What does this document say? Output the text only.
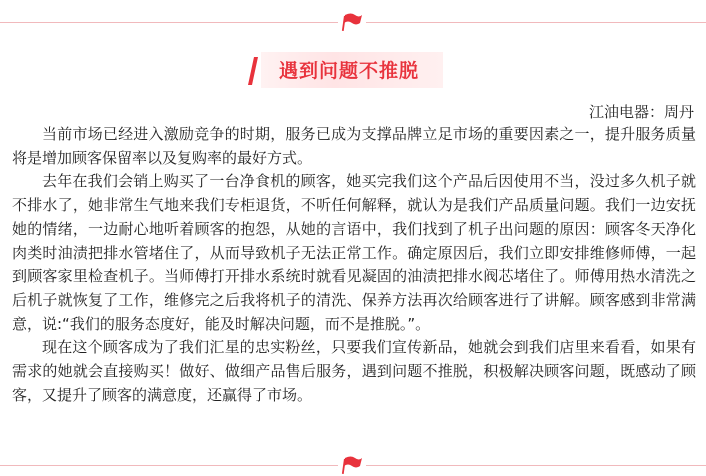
遇到问题不推脱
江油电器：周丹

当前市场已经进入激励竞争的时期，服务已成为支撑品牌立足市场的重要因素之一，提升服务质量将是增加顾客保留率以及复购率的最好方式。

去年在我们会销上购买了一台净食机的顾客，她买完我们这个产品后因使用不当，没过多久机子就不排水了，她非常生气地来我们专柜退货，不听任何解释，就认为是我们产品质量问题。我们一边安抚她的情绪，一边耐心地听着顾客的抱怨，从她的言语中，我们找到了机子出问题的原因：顾客冬天净化肉类时油渍把排水管堵住了，从而导致机子无法正常工作。确定原因后，我们立即安排维修师傅，一起到顾客家里检查机子。当师傅打开排水系统时就看见凝固的油渍把排水阀芯堵住了。师傅用热水清洗之后机子就恢复了工作，维修完之后我将机子的清洗、保养方法再次给顾客进行了讲解。顾客感到非常满意，说:“我们的服务态度好，能及时解决问题，而不是推脱。”。

现在这个顾客成为了我们汇星的忠实粉丝，只要我们宣传新品，她就会到我们店里来看看，如果有需求的她就会直接购买！做好、做细产品售后服务，遇到问题不推脱，积极解决顾客问题，既感动了顾客，又提升了顾客的满意度，还赢得了市场。
